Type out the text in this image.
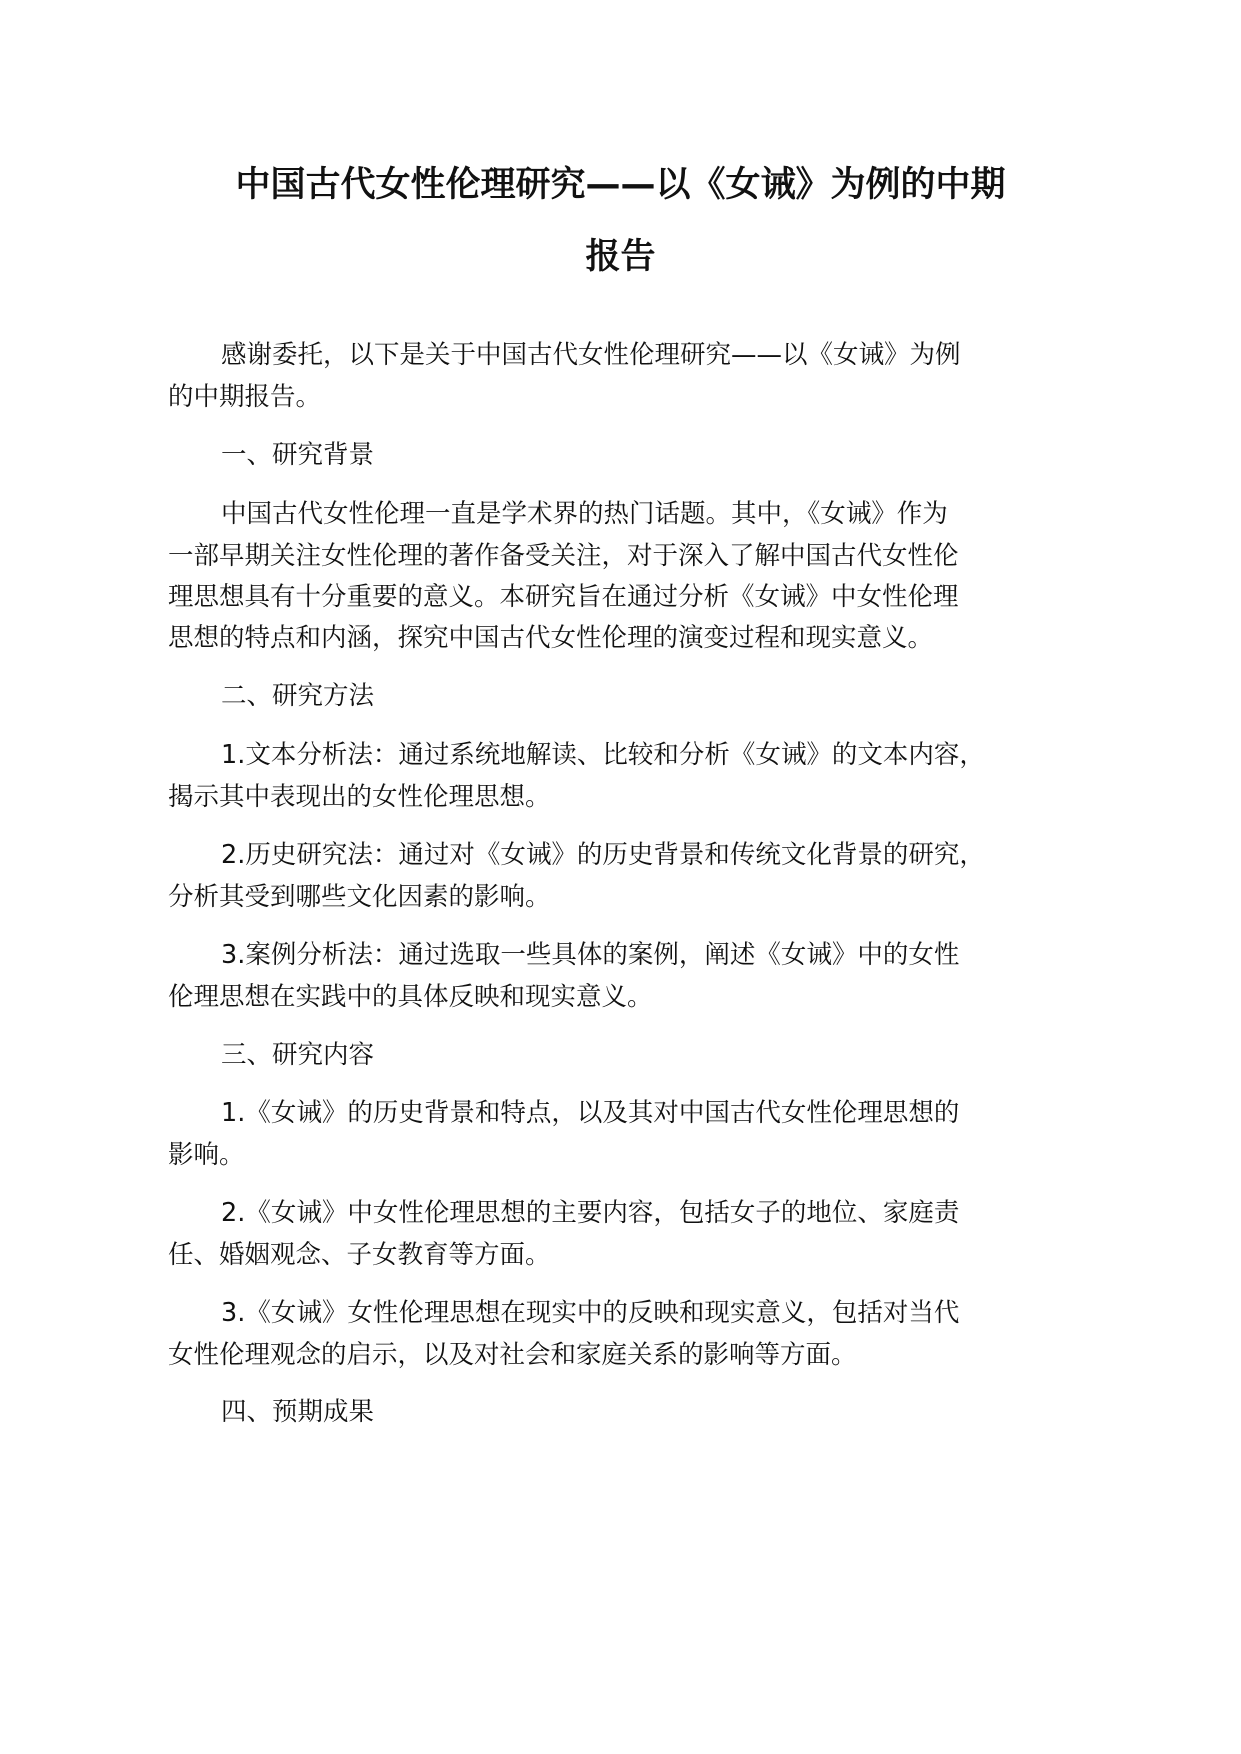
中国古代女性伦理研究——以《女诫》为例的中期
报告
感谢委托，以下是关于中国古代女性伦理研究——以《女诫》为例
的中期报告。
一、研究背景
中国古代女性伦理一直是学术界的热门话题。其中，《女诫》作为
一部早期关注女性伦理的著作备受关注，对于深入了解中国古代女性伦
理思想具有十分重要的意义。本研究旨在通过分析《女诫》中女性伦理
思想的特点和内涵，探究中国古代女性伦理的演变过程和现实意义。
二、研究方法
1.文本分析法：通过系统地解读、比较和分析《女诫》的文本内容，
揭示其中表现出的女性伦理思想。
2.历史研究法：通过对《女诫》的历史背景和传统文化背景的研究，
分析其受到哪些文化因素的影响。
3.案例分析法：通过选取一些具体的案例，阐述《女诫》中的女性
伦理思想在实践中的具体反映和现实意义。
三、研究内容
1.《女诫》的历史背景和特点，以及其对中国古代女性伦理思想的
影响。
2.《女诫》中女性伦理思想的主要内容，包括女子的地位、家庭责
任、婚姻观念、子女教育等方面。
3.《女诫》女性伦理思想在现实中的反映和现实意义，包括对当代
女性伦理观念的启示，以及对社会和家庭关系的影响等方面。
四、预期成果
